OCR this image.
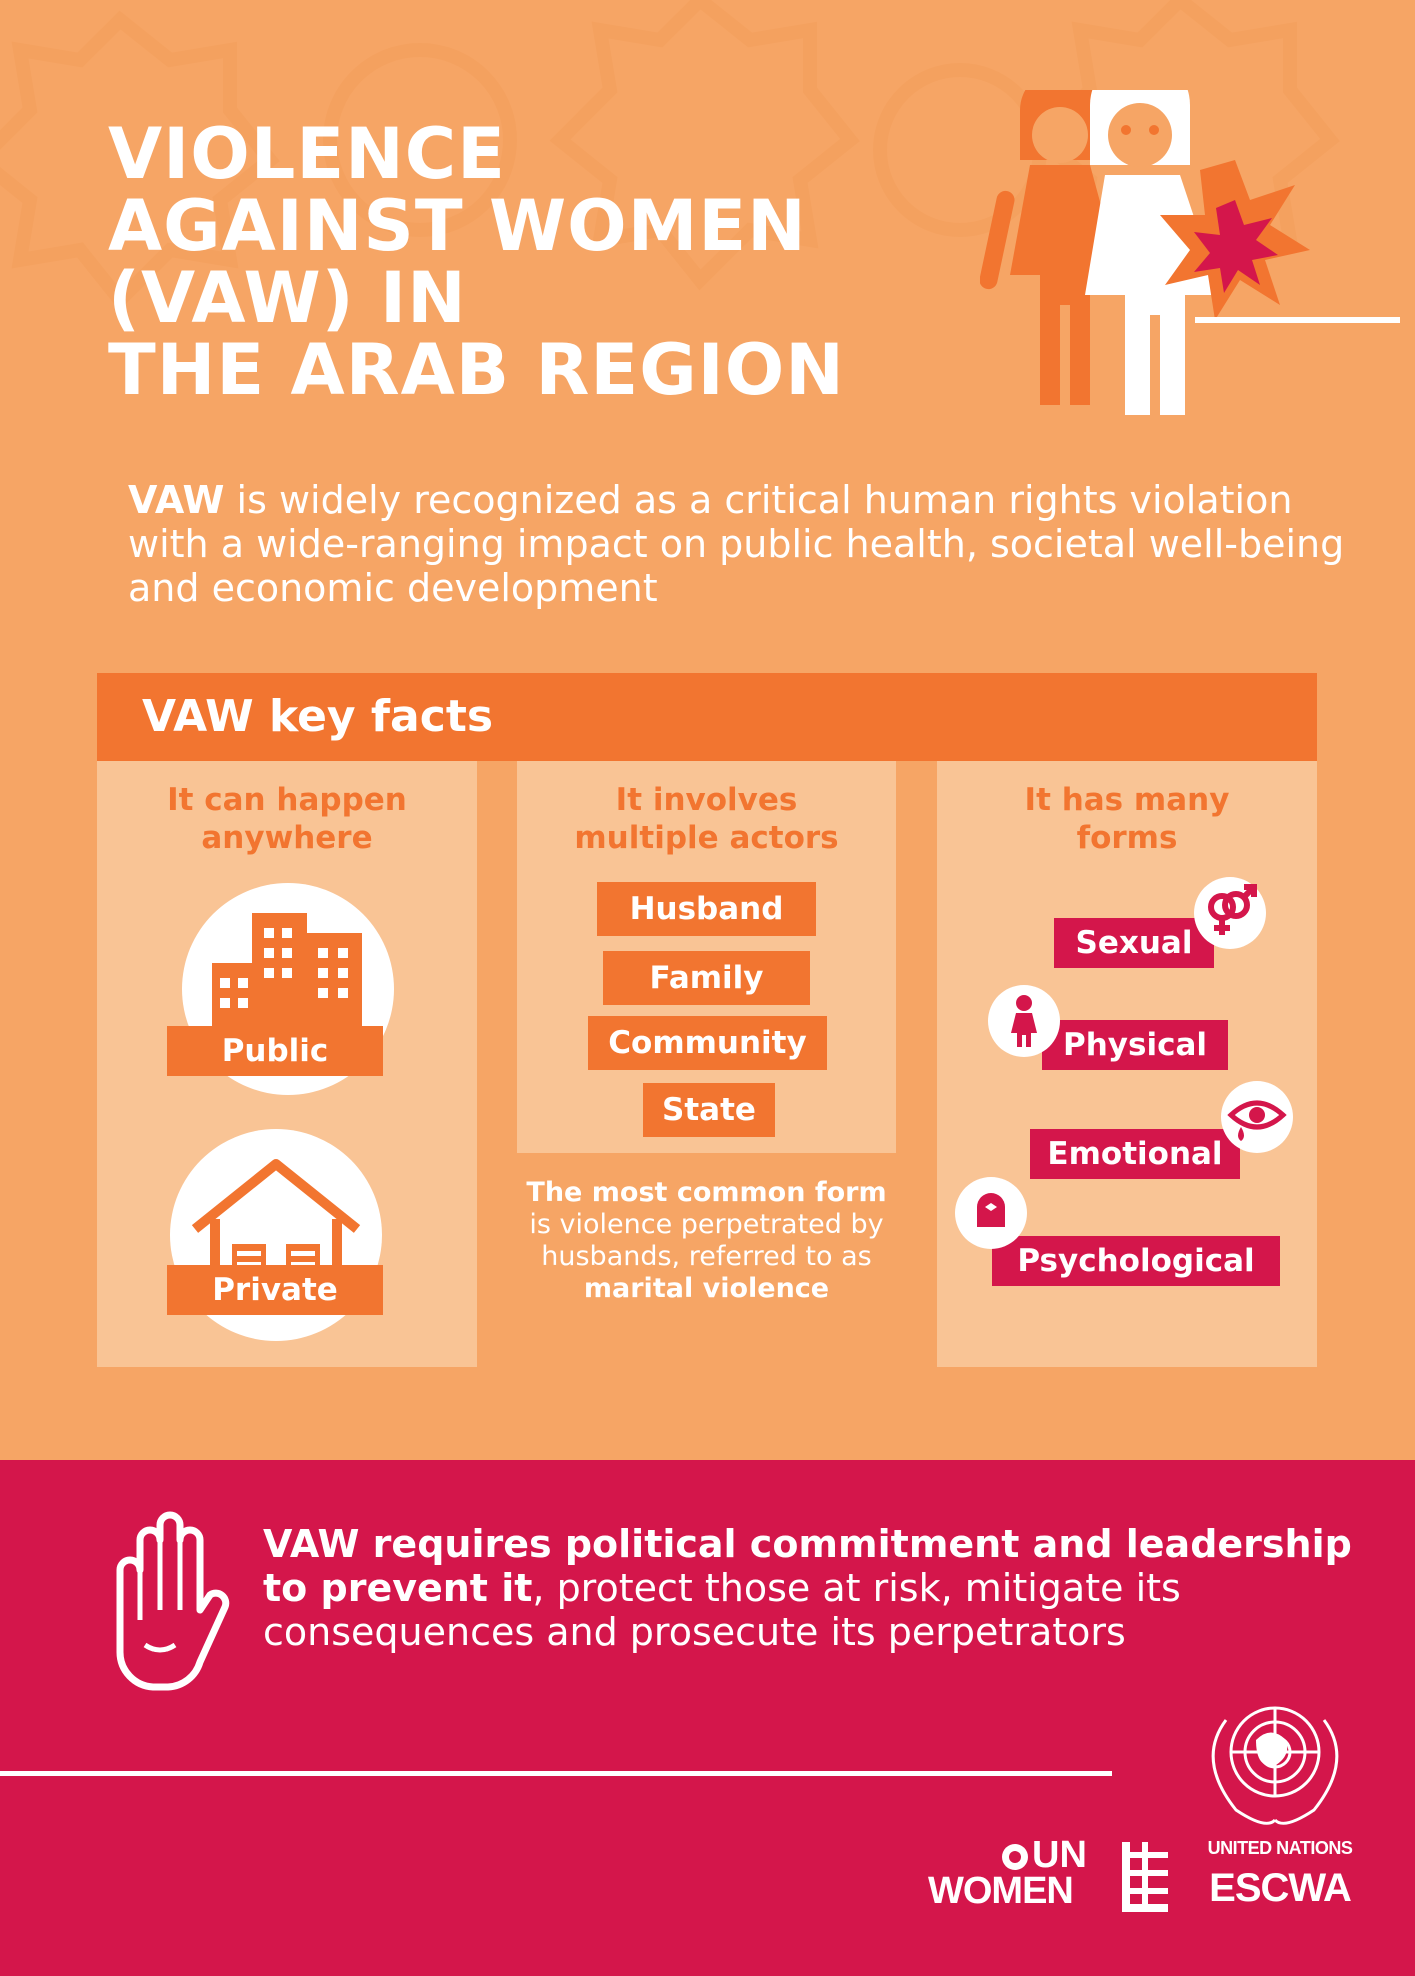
VIOLENCE
AGAINST WOMEN
(VAW) IN
THE ARAB REGION
VAW is widely recognized as a critical human rights violation with a wide-ranging impact on public health, societal well-being and economic development
VAW key facts
It can happen anywhere
Public
Private
It involves multiple actors
Husband
Family
Community
State
The most common form is violence perpetrated by husbands, referred to as marital violence
It has many forms
Sexual
Physical
Emotional
Psychological
VAW requires political commitment and leadership to prevent it, protect those at risk, mitigate its consequences and prosecute its perpetrators
UN
WOMEN
UNITED NATIONS
ESCWA
